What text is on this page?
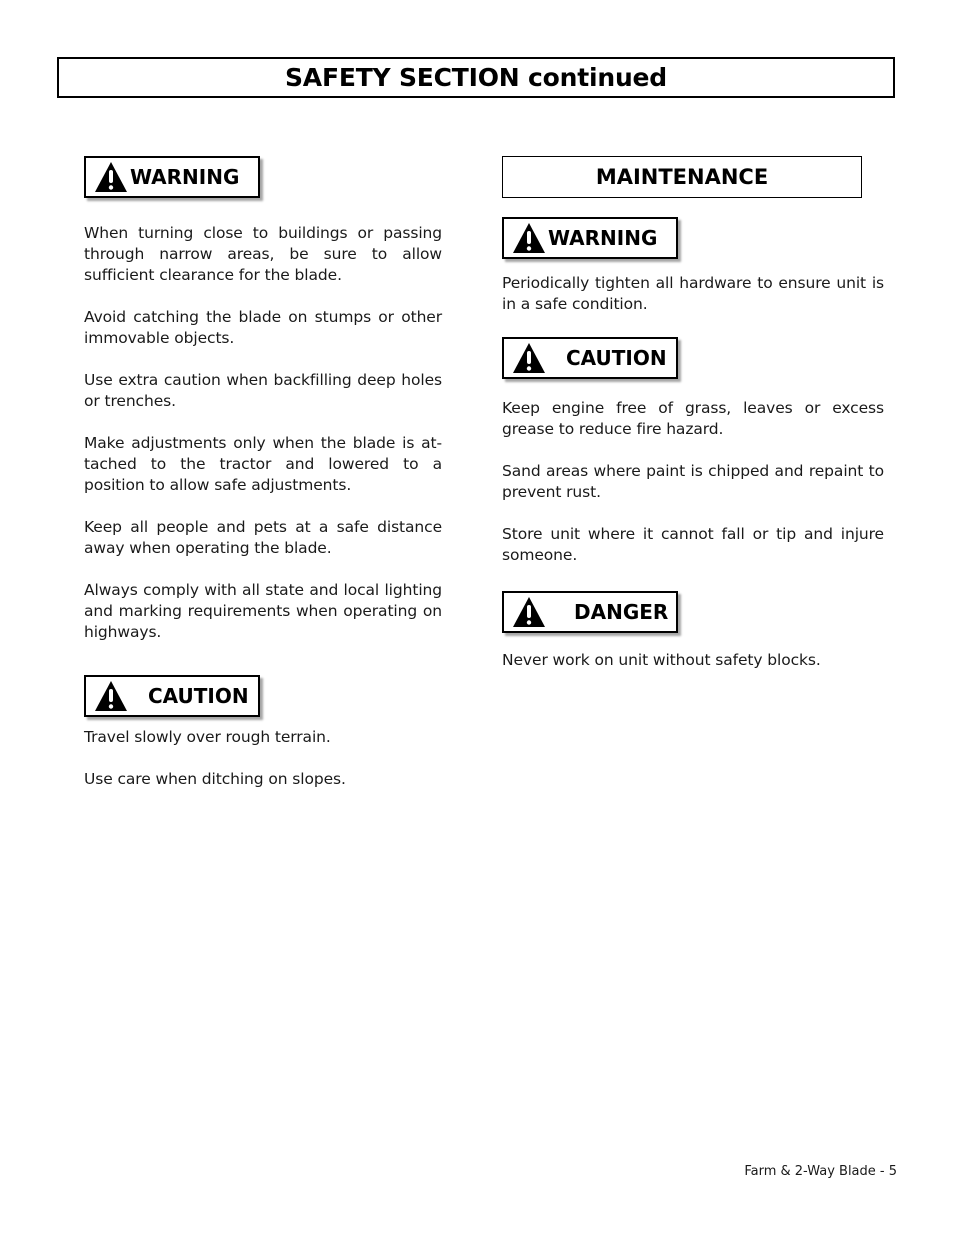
SAFETY SECTION continued
WARNING

When turning close to buildings or passing through narrow areas, be sure to allow sufficient clearance for the blade.

Avoid catching the blade on stumps or other immovable objects.

Use extra caution when backfilling deep holes or trenches.

Make adjustments only when the blade is at-tached to the tractor and lowered to a position to allow safe adjustments.

Keep all people and pets at a safe distance away when operating the blade.

Always comply with all state and local lighting and marking requirements when operating on highways.

CAUTION

Travel slowly over rough terrain.

Use care when ditching on slopes.

MAINTENANCE
WARNING

Periodically tighten all hardware to ensure unit is in a safe condition.

CAUTION

Keep engine free of grass, leaves or excess grease to reduce fire hazard.

Sand areas where paint is chipped and repaint to prevent rust.

Store unit where it cannot fall or tip and injure someone.

DANGER

Never work on unit without safety blocks.

Farm & 2-Way Blade - 5
